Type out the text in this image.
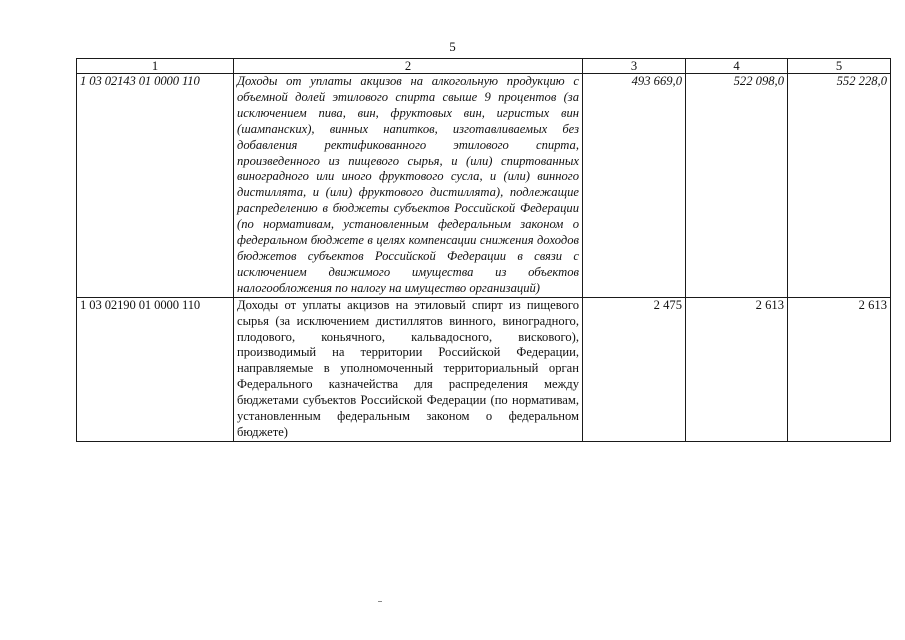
5
1	2	3	4	5
1 03 02143 01 0000 110	Доходы от уплаты акцизов на алкогольную продукцию с объемной долей этилового спирта свыше 9 процентов (за исключением пива, вин, фруктовых вин, игристых вин (шампанских), винных напитков, изготавливаемых без добавления ректификованного этилового спирта, произведенного из пищевого сырья, и (или) спиртованных виноградного или иного фруктового сусла, и (или) винного дистиллята, и (или) фруктового дистиллята), подлежащие распределению в бюджеты субъектов Российской Федерации (по нормативам, установленным федеральным законом о федеральном бюджете в целях компенсации снижения доходов бюджетов субъектов Российской Федерации в связи с исключением движимого имущества из объектов налогообложения по налогу на имущество организаций)	493 669,0	522 098,0	552 228,0
1 03 02190 01 0000 110	Доходы от уплаты акцизов на этиловый спирт из пищевого сырья (за исключением дистиллятов винного, виноградного, плодового, коньячного, кальвадосного, вискового), производимый на территории Российской Федерации, направляемые в уполномоченный территориальный орган Федерального казначейства для распределения между бюджетами субъектов Российской Федерации (по нормативам, установленным федеральным законом о федеральном бюджете)	2 475	2 613	2 613
